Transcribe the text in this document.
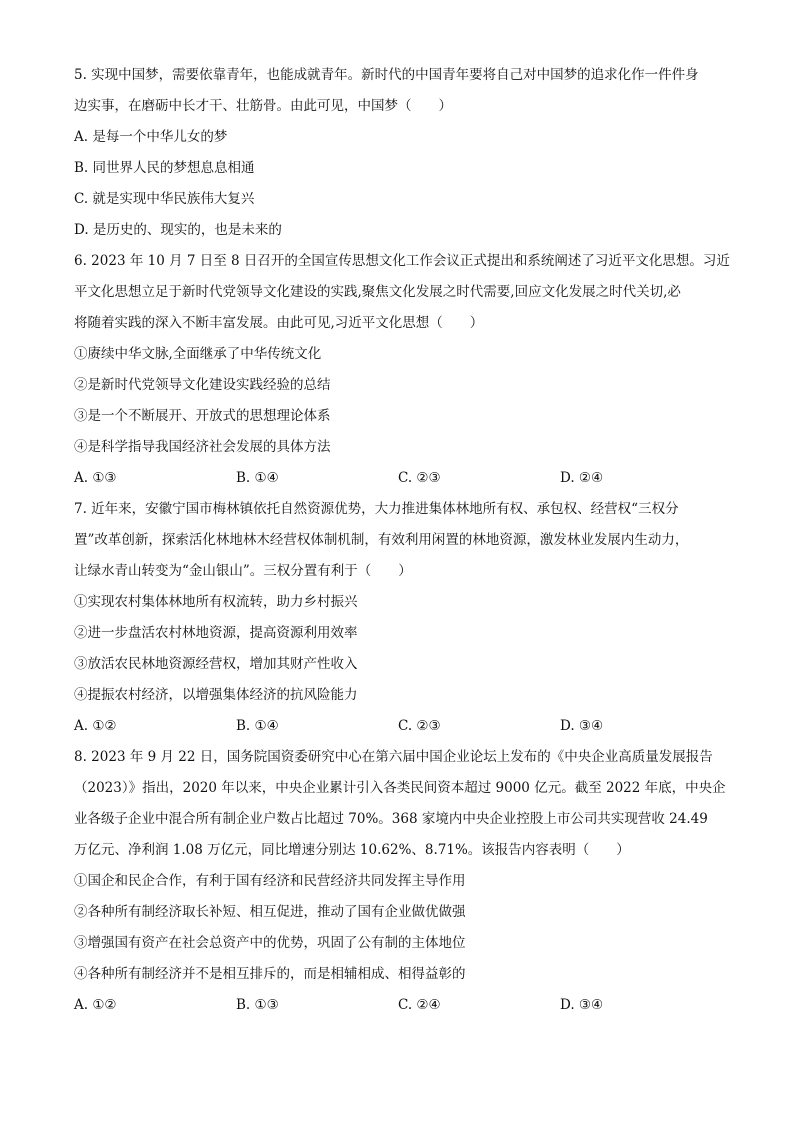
5. 实现中国梦，需要依靠青年，也能成就青年。新时代的中国青年要将自己对中国梦的追求化作一件件身
边实事，在磨砺中长才干、壮筋骨。由此可见，中国梦（　　）
A. 是每一个中华儿女的梦
B. 同世界人民的梦想息息相通
C. 就是实现中华民族伟大复兴
D. 是历史的、现实的，也是未来的
6. 2023 年 10 月 7 日至 8 日召开的全国宣传思想文化工作会议正式提出和系统阐述了习近平文化思想。习近
平文化思想立足于新时代党领导文化建设的实践,聚焦文化发展之时代需要,回应文化发展之时代关切,必
将随着实践的深入不断丰富发展。由此可见,习近平文化思想（　　）
①赓续中华文脉,全面继承了中华传统文化
②是新时代党领导文化建设实践经验的总结
③是一个不断展开、开放式的思想理论体系
④是科学指导我国经济社会发展的具体方法
A. ①③	B. ①④	C. ②③	D. ②④
7. 近年来，安徽宁国市梅林镇依托自然资源优势，大力推进集体林地所有权、承包权、经营权“三权分
置”改革创新，探索活化林地林木经营权体制机制，有效利用闲置的林地资源，激发林业发展内生动力，
让绿水青山转变为“金山银山”。三权分置有利于（　　）
①实现农村集体林地所有权流转，助力乡村振兴
②进一步盘活农村林地资源，提高资源利用效率
③放活农民林地资源经营权，增加其财产性收入
④提振农村经济，以增强集体经济的抗风险能力
A. ①②	B. ①④	C. ②③	D. ③④
8. 2023 年 9 月 22 日，国务院国资委研究中心在第六届中国企业论坛上发布的《中央企业高质量发展报告
（2023）》指出，2020 年以来，中央企业累计引入各类民间资本超过 9000 亿元。截至 2022 年底，中央企
业各级子企业中混合所有制企业户数占比超过 70%。368 家境内中央企业控股上市公司共实现营收 24.49
万亿元、净利润 1.08 万亿元，同比增速分别达 10.62%、8.71%。该报告内容表明（　　）
①国企和民企合作，有利于国有经济和民营经济共同发挥主导作用
②各种所有制经济取长补短、相互促进，推动了国有企业做优做强
③增强国有资产在社会总资产中的优势，巩固了公有制的主体地位
④各种所有制经济并不是相互排斥的，而是相辅相成、相得益彰的
A. ①②	B. ①③	C. ②④	D. ③④
